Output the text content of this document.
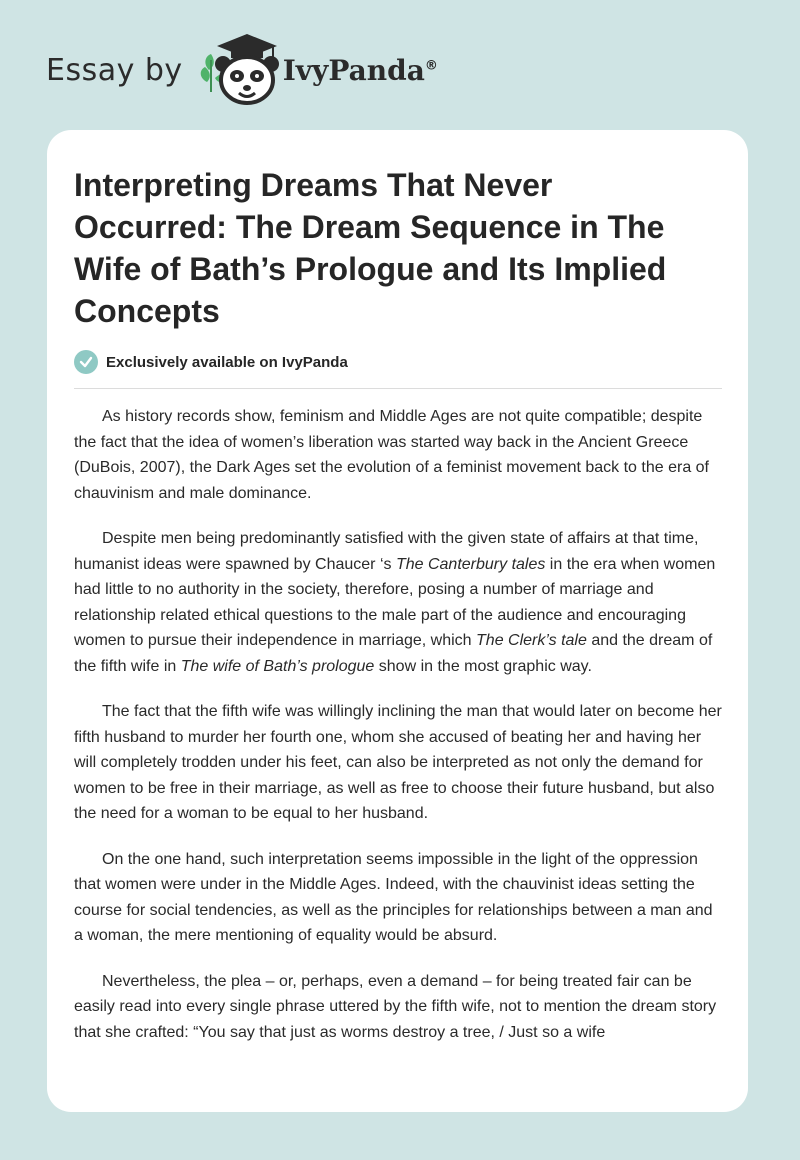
Essay by	IvyPanda®
Interpreting Dreams That Never Occurred: The Dream Sequence in The Wife of Bath’s Prologue and Its Implied Concepts
Exclusively available on IvyPanda

As history records show, feminism and Middle Ages are not quite compatible; despite the fact that the idea of women’s liberation was started way back in the Ancient Greece (DuBois, 2007), the Dark Ages set the evolution of a feminist movement back to the era of chauvinism and male dominance.

Despite men being predominantly satisfied with the given state of affairs at that time, humanist ideas were spawned by Chaucer ‘s The Canterbury tales in the era when women had little to no authority in the society, therefore, posing a number of marriage and relationship related ethical questions to the male part of the audience and encouraging women to pursue their independence in marriage, which The Clerk’s tale and the dream of the fifth wife in The wife of Bath’s prologue show in the most graphic way.

The fact that the fifth wife was willingly inclining the man that would later on become her fifth husband to murder her fourth one, whom she accused of beating her and having her will completely trodden under his feet, can also be interpreted as not only the demand for women to be free in their marriage, as well as free to choose their future husband, but also the need for a woman to be equal to her husband.

On the one hand, such interpretation seems impossible in the light of the oppression that women were under in the Middle Ages. Indeed, with the chauvinist ideas setting the course for social tendencies, as well as the principles for relationships between a man and a woman, the mere mentioning of equality would be absurd.

Nevertheless, the plea – or, perhaps, even a demand – for being treated fair can be easily read into every single phrase uttered by the fifth wife, not to mention the dream story that she crafted: “You say that just as worms destroy a tree, / Just so a wife
